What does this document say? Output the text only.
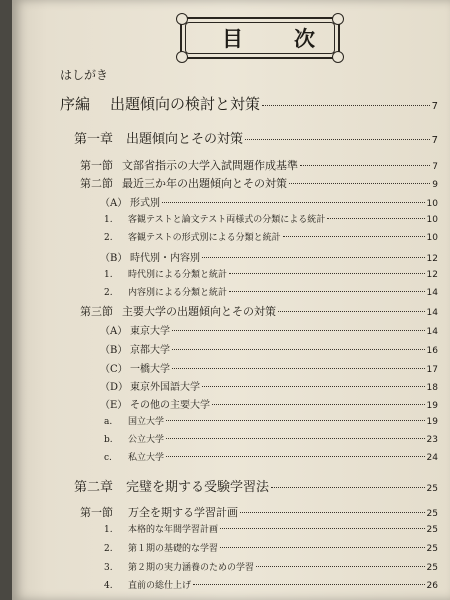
目 次
はしがき
序編	出題傾向の検討と対策	7
第一章 出題傾向とその対策	7
第一節 文部省指示の大学入試問題作成基準	7
第二節 最近三か年の出題傾向とその対策	9
（A） 形式別	10
1.	客観テストと論文テスト両様式の分類による統計	10
2.	客観テストの形式別による分類と統計	10
（B） 時代別・内容別	12
1.	時代別による分類と統計	12
2.	内容別による分類と統計	14
第三節 主要大学の出題傾向とその対策	14
（A） 東京大学	14
（B） 京都大学	16
（C） 一橋大学	17
（D） 東京外国語大学	18
（E） その他の主要大学	19
a.	国立大学	19
b.	公立大学	23
c.	私立大学	24
第二章 完璧を期する受験学習法	25
第一節	万全を期する学習計画	25
1.	本格的な年間学習計画	25
2.	第１期の基礎的な学習	25
3.	第２期の実力涵養のための学習	25
4.	直前の総仕上げ	26
